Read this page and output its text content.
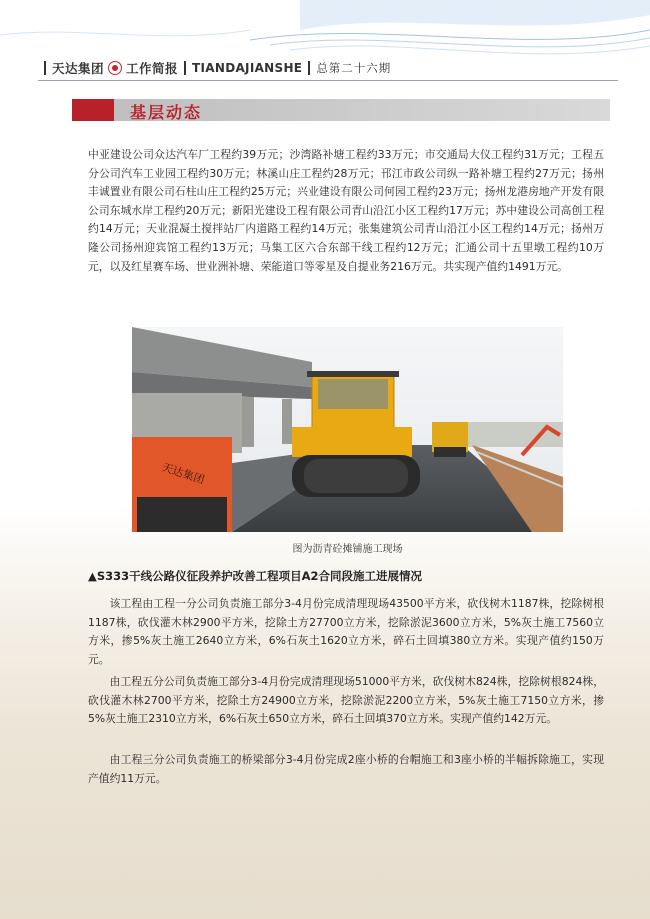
天达集团 工作简报 TIANDAJIANSHE 总第二十六期
基层动态

中亚建设公司众达汽车厂工程约39万元；沙湾路补塘工程约33万元；市交通局大仪工程约31万元；工程五分公司汽车工业园工程约30万元；林溪山庄工程约28万元；邗江市政公司纵一路补塘工程约27万元；扬州丰诚置业有限公司石柱山庄工程约25万元；兴业建设有限公司何园工程约23万元；扬州龙港房地产开发有限公司东城水岸工程约20万元；新阳光建设工程有限公司青山沿江小区工程约17万元；苏中建设公司高创工程约14万元；天业混凝土搅拌站厂内道路工程约14万元；张集建筑公司青山沿江小区工程约14万元；扬州万隆公司扬州迎宾馆工程约13万元；马集工区六合东部干线工程约12万元；汇通公司十五里墩工程约10万元，以及红星赛车场、世业洲补塘、荣能道口等零星及自提业务216万元。共实现产值约1491万元。

天达集团
图为沥青砼摊铺施工现场
▲S333干线公路仪征段养护改善工程项目A2合同段施工进展情况

该工程由工程一分公司负责施工部分3-4月份完成清理现场43500平方米，砍伐树木1187株，挖除树根1187株，砍伐灌木林2900平方米，挖除土方27700立方米，挖除淤泥3600立方米，5%灰土施工7560立方米，掺5%灰土施工2640立方米，6%石灰土1620立方米，碎石土回填380立方米。实现产值约150万元。

由工程五分公司负责施工部分3-4月份完成清理现场51000平方米，砍伐树木824株，挖除树根824株，砍伐灌木林2700平方米，挖除土方24900立方米，挖除淤泥2200立方米，5%灰土施工7150立方米，掺5%灰土施工2310立方米，6%石灰土650立方米，碎石土回填370立方米。实现产值约142万元。

由工程三分公司负责施工的桥梁部分3-4月份完成2座小桥的台帽施工和3座小桥的半幅拆除施工，实现产值约11万元。
